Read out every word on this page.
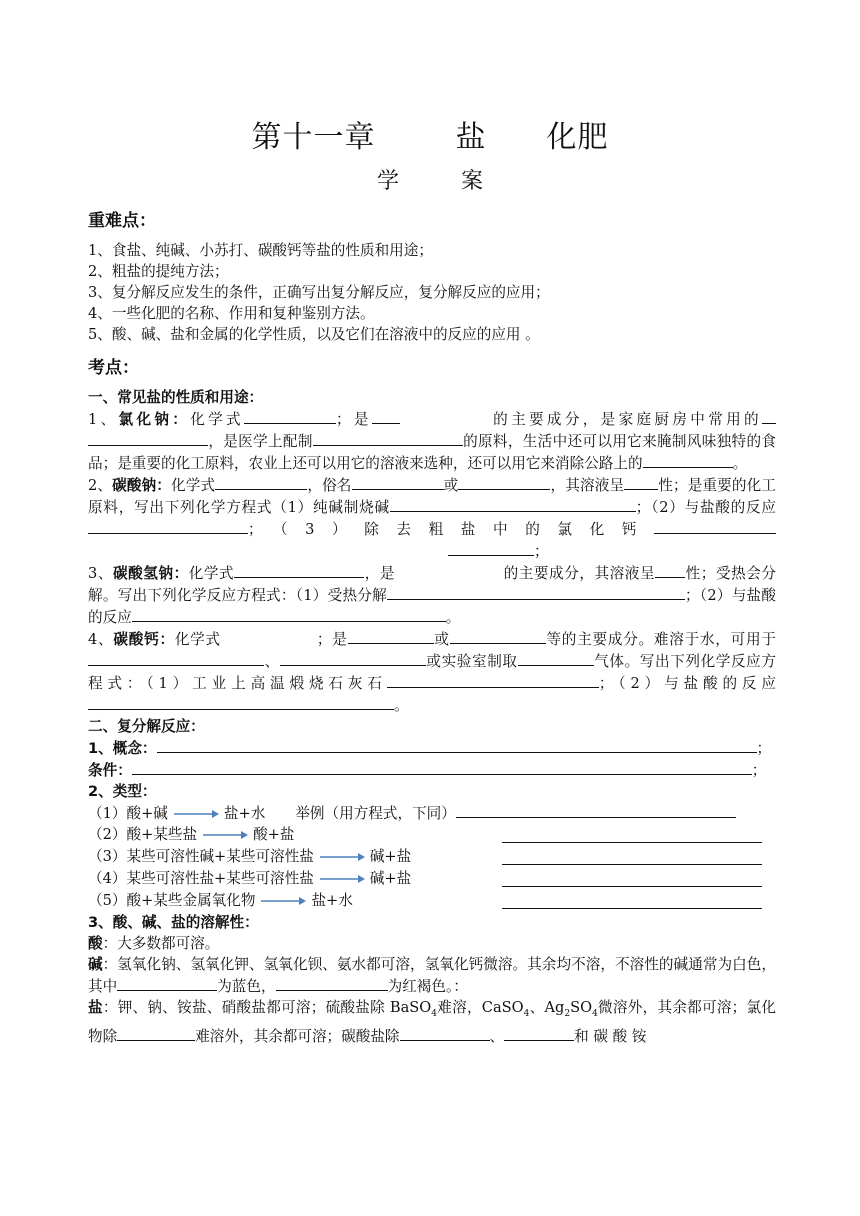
第十一章	盐 化肥
学	案
重难点：

1、食盐、纯碱、小苏打、碳酸钙等盐的性质和用途；

2、粗盐的提纯方法；

3、复分解反应发生的条件，正确写出复分解反应，复分解反应的应用；

4、一些化肥的名称、作用和复种鉴别方法。

5、酸、碱、盐和金属的化学性质，以及它们在溶液中的反应的应用 。

考点：

一、常见盐的性质和用途：

1、氯化钠：化学式	；是	的主要成分，是家庭厨房中常用的，是医学上配制	的原料，生活中还可以用它来腌制风味独特的食品；是重要的化工原料，农业上还可以用它的溶液来选种，还可以用它来消除公路上的	。

2、碳酸钠：化学式	，俗名	或	，其溶液呈 性；是重要的化工原料，写出下列化学方程式（1）纯碱制烧碱	；（2）与盐酸的反应；（3）除去粗盐中的氯化钙；

3、碳酸氢钠：化学式	，是	的主要成分，其溶液呈 性；受热会分解。写出下列化学反应方程式：（1）受热分解	；（2）与盐酸的反应	。

4、碳酸钙：化学式	；是	或	等的主要成分。难溶于水，可用于、	或实验室制取	气体。写出下列化学反应方程式：（1）工业上高温煅烧石灰石	；（2）与盐酸的反应。

二、复分解反应：

1、概念：	；

条件：	；

2、类型：

（1）酸+碱	盐+水 举例（用方程式，下同）

（2）酸+某些盐	酸+盐

（3）某些可溶性碱+某些可溶性盐	碱+盐

（4）某些可溶性盐+某些可溶性盐	碱+盐

（5）酸+某些金属氧化物	盐+水

3、酸、碱、盐的溶解性：

酸：大多数都可溶。

碱：氢氧化钠、氢氧化钾、氢氧化钡、氨水都可溶，氢氧化钙微溶。其余均不溶，不溶性的碱通常为白色，其中	为蓝色，	为红褐色。：

盐：钾、钠、铵盐、硝酸盐都可溶；硫酸盐除 BaSO$_4$难溶，CaSO$_4$、$Ag_2SO_4$微溶外，其余都可溶；氯化物除	难溶外，其余都可溶；碳酸盐除	、	和 碳 酸 铵
